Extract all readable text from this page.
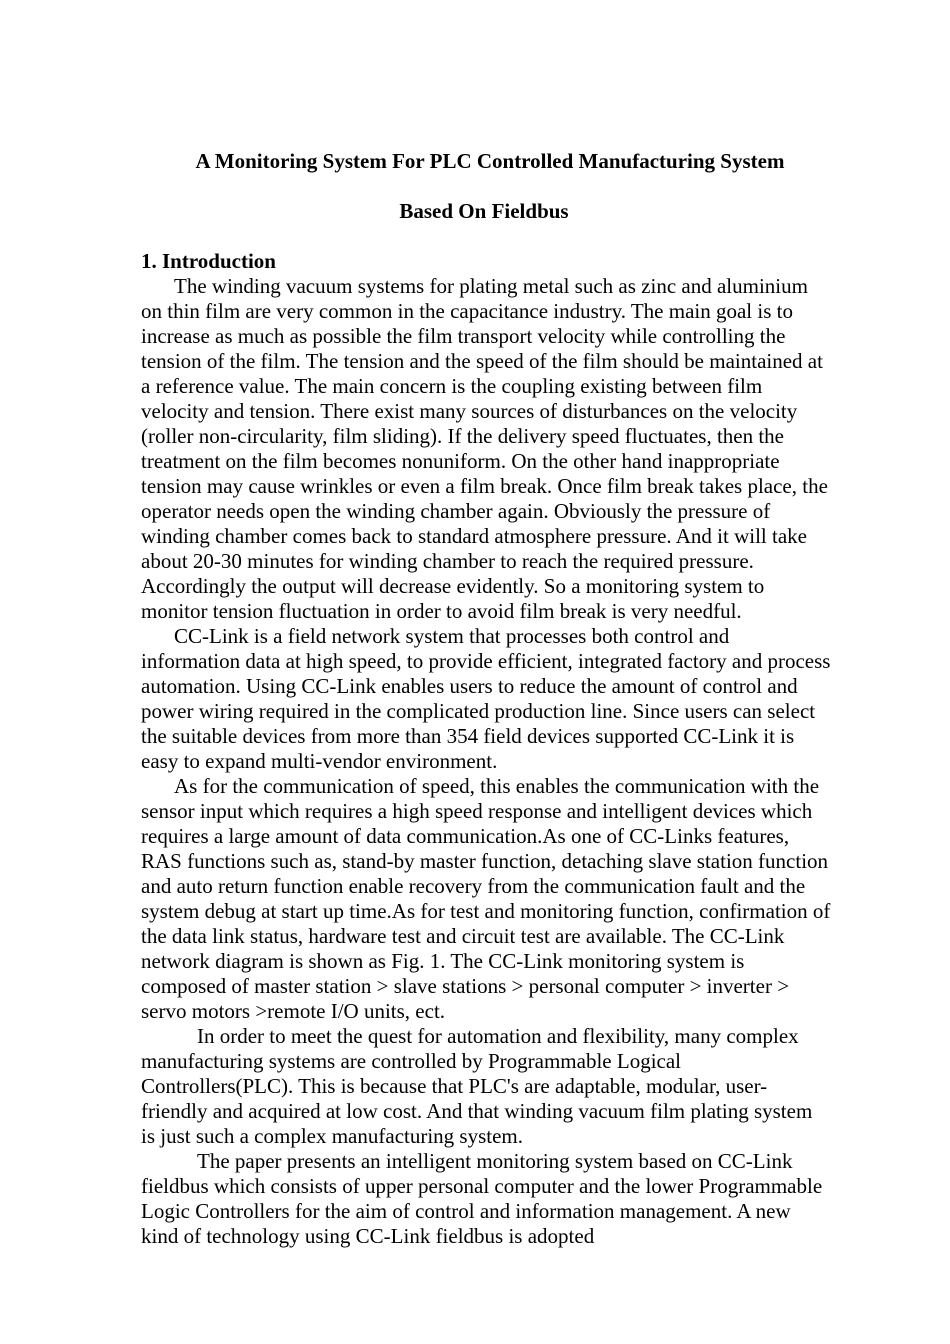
A Monitoring System For PLC Controlled Manufacturing System

Based On Fieldbus

1. Introduction

The winding vacuum systems for plating metal such as zinc and aluminium on thin film are very common in the capacitance industry. The main goal is to increase as much as possible the film transport velocity while controlling the tension of the film. The tension and the speed of the film should be maintained at a reference value. The main concern is the coupling existing between film velocity and tension. There exist many sources of disturbances on the velocity (roller non-circularity, film sliding). If the delivery speed fluctuates, then the treatment on the film becomes nonuniform. On the other hand inappropriate tension may cause wrinkles or even a film break. Once film break takes place, the operator needs open the winding chamber again. Obviously the pressure of winding chamber comes back to standard atmosphere pressure. And it will take about 20-30 minutes for winding chamber to reach the required pressure. Accordingly the output will decrease evidently. So a monitoring system to monitor tension fluctuation in order to avoid film break is very needful.

CC-Link is a field network system that processes both control and information data at high speed, to provide efficient, integrated factory and process automation. Using CC-Link enables users to reduce the amount of control and power wiring required in the complicated production line. Since users can select the suitable devices from more than 354 field devices supported CC-Link it is easy to expand multi-vendor environment.

As for the communication of speed, this enables the communication with the sensor input which requires a high speed response and intelligent devices which requires a large amount of data communication.As one of CC-Links features, RAS functions such as, stand-by master function, detaching slave station function and auto return function enable recovery from the communication fault and the system debug at start up time.As for test and monitoring function, confirmation of the data link status, hardware test and circuit test are available. The CC-Link network diagram is shown as Fig. 1. The CC-Link monitoring system is composed of master station > slave stations > personal computer > inverter > servo motors >remote I/O units, ect.

In order to meet the quest for automation and flexibility, many complex manufacturing systems are controlled by Programmable Logical Controllers(PLC). This is because that PLC's are adaptable, modular, user-friendly and acquired at low cost. And that winding vacuum film plating system is just such a complex manufacturing system.

The paper presents an intelligent monitoring system based on CC-Link fieldbus which consists of upper personal computer and the lower Programmable Logic Controllers for the aim of control and information management. A new kind of technology using CC-Link fieldbus is adopted
